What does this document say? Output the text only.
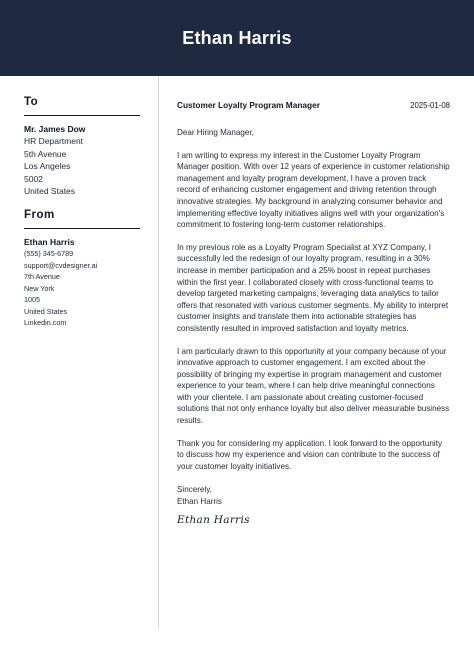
Ethan Harris
To
Mr. James Dow
HR Department
5th Avenue
Los Angeles
5002
United States
From
Ethan Harris
(555) 345-6789
support@cvdesigner.ai
7th Avenue
New York
1005
United States
Linkedin.com
Customer Loyalty Program Manager	2025-01-08
Dear Hiring Manager,
I am writing to express my interest in the Customer Loyalty Program Manager position. With over 12 years of experience in customer relationship management and loyalty program development, I have a proven track record of enhancing customer engagement and driving retention through innovative strategies. My background in analyzing consumer behavior and implementing effective loyalty initiatives aligns well with your organization's commitment to fostering long-term customer relationships.
In my previous role as a Loyalty Program Specialist at XYZ Company, I successfully led the redesign of our loyalty program, resulting in a 30% increase in member participation and a 25% boost in repeat purchases within the first year. I collaborated closely with cross-functional teams to develop targeted marketing campaigns, leveraging data analytics to tailor offers that resonated with various customer segments. My ability to interpret customer insights and translate them into actionable strategies has consistently resulted in improved satisfaction and loyalty metrics.
I am particularly drawn to this opportunity at your company because of your innovative approach to customer engagement. I am excited about the possibility of bringing my expertise in program management and customer experience to your team, where I can help drive meaningful connections with your clientele. I am passionate about creating customer-focused solutions that not only enhance loyalty but also deliver measurable business results.
Thank you for considering my application. I look forward to the opportunity to discuss how my experience and vision can contribute to the success of your customer loyalty initiatives.
Sincerely,
Ethan Harris
Ethan Harris
